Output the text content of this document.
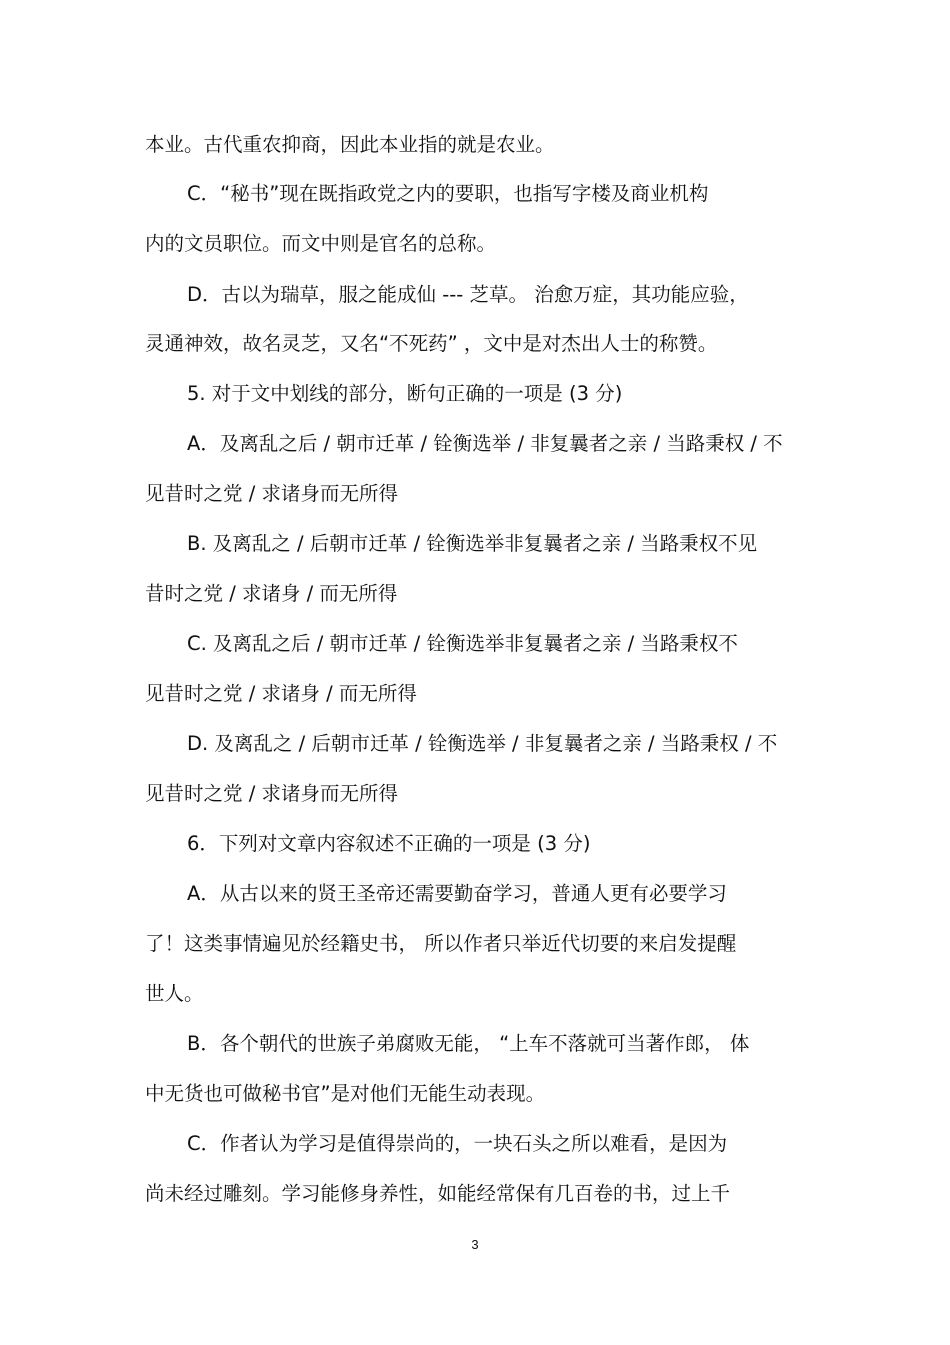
本业。古代重农抑商，因此本业指的就是农业。
C．“秘书”现在既指政党之内的要职，也指写字楼及商业机构
内的文员职位。而文中则是官名的总称。
D．古以为瑞草，服之能成仙 --- 芝草。 治愈万症，其功能应验，
灵通神效，故名灵芝，又名“不死药” ，文中是对杰出人士的称赞。
5. 对于文中划线的部分，断句正确的一项是 (3 分)
A．及离乱之后 / 朝市迁革 / 铨衡选举 / 非复曩者之亲 / 当路秉权 / 不
见昔时之党 / 求诸身而无所得
B. 及离乱之 / 后朝市迁革 / 铨衡选举非复曩者之亲 / 当路秉权不见
昔时之党 / 求诸身 / 而无所得
C. 及离乱之后 / 朝市迁革 / 铨衡选举非复曩者之亲 / 当路秉权不
见昔时之党 / 求诸身 / 而无所得
D. 及离乱之 / 后朝市迁革 / 铨衡选举 / 非复曩者之亲 / 当路秉权 / 不
见昔时之党 / 求诸身而无所得
6．下列对文章内容叙述不正确的一项是 (3 分)
A．从古以来的贤王圣帝还需要勤奋学习，普通人更有必要学习
了！这类事情遍见於经籍史书， 所以作者只举近代切要的来启发提醒
世人。
B．各个朝代的世族子弟腐败无能， “上车不落就可当著作郎， 体
中无货也可做秘书官”是对他们无能生动表现。
C．作者认为学习是值得崇尚的，一块石头之所以难看，是因为
尚未经过雕刻。学习能修身养性，如能经常保有几百卷的书，过上千
3
